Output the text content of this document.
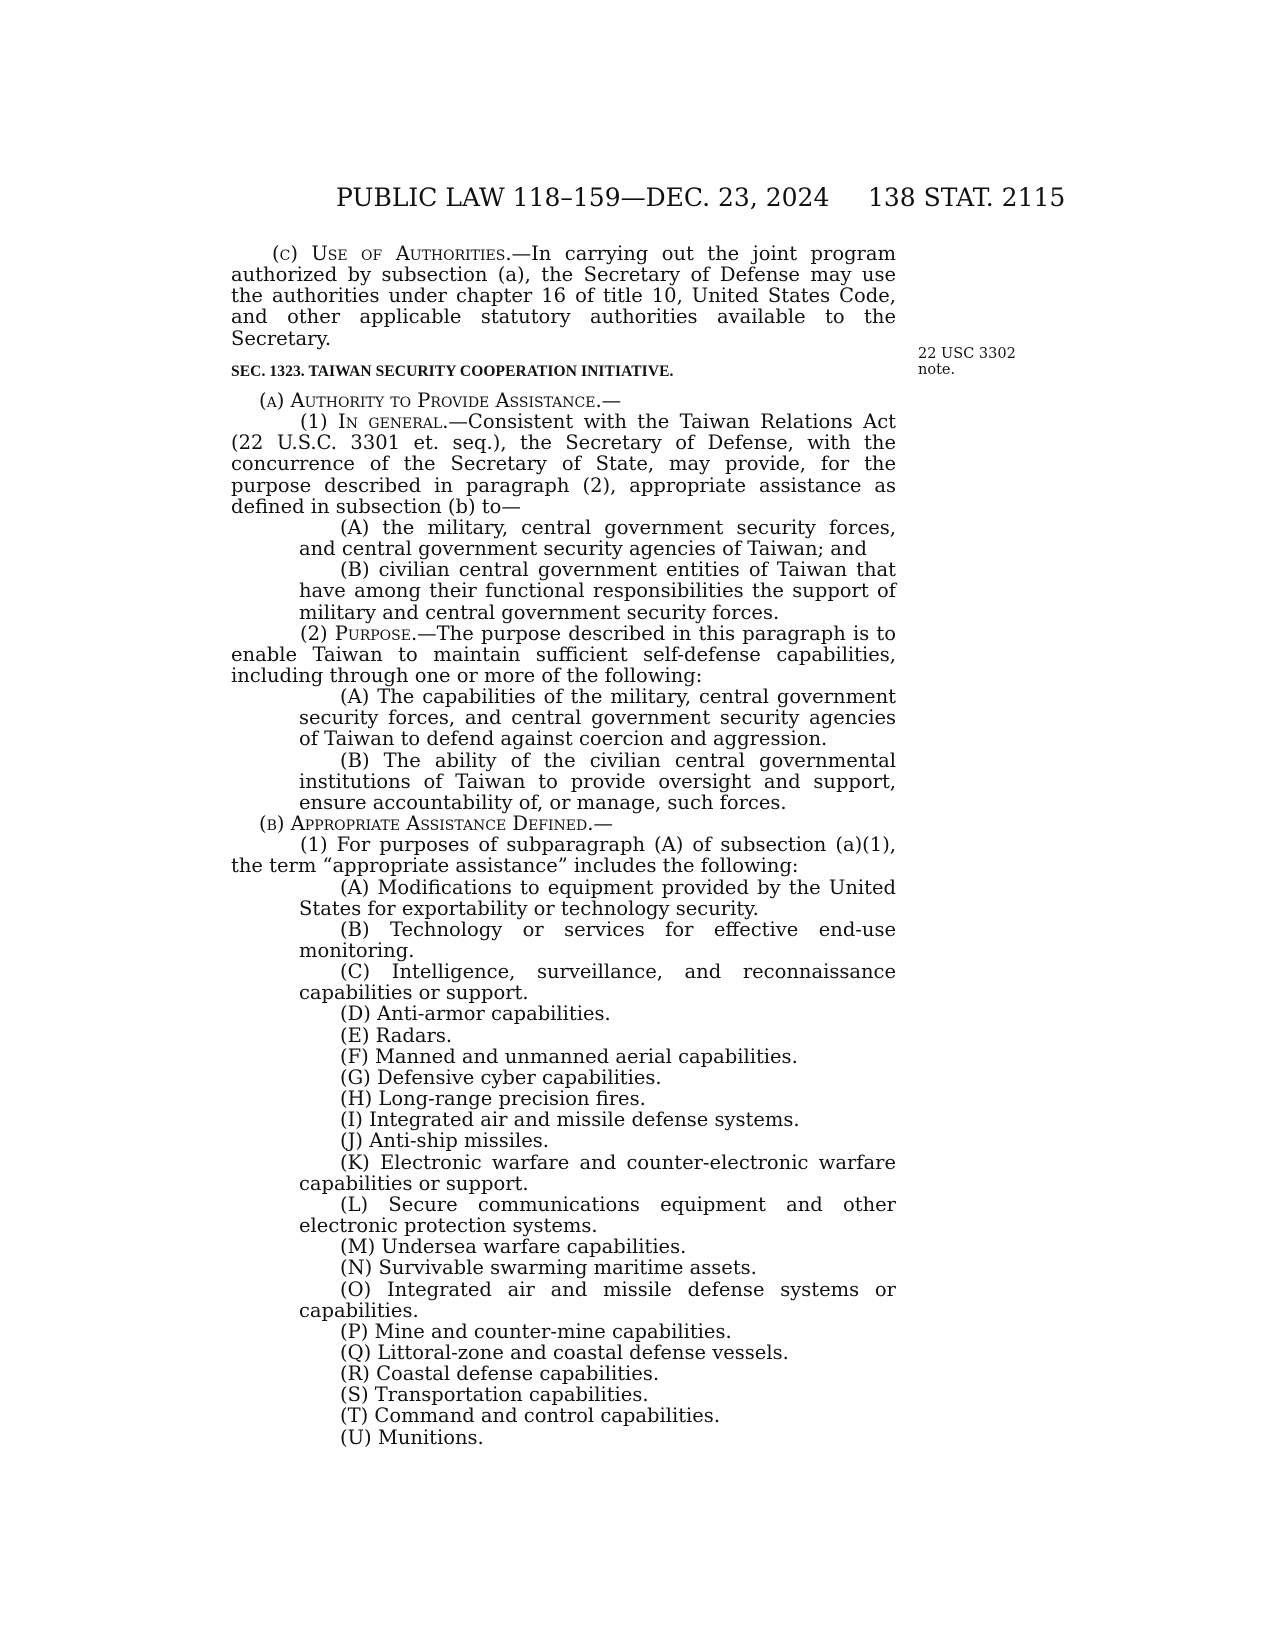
PUBLIC LAW 118–159—DEC. 23, 2024 138 STAT. 2115
22 USC 3302
note.

(c) Use of Authorities.—In carrying out the joint program authorized by subsection (a), the Secretary of Defense may use the authorities under chapter 16 of title 10, United States Code, and other applicable statutory authorities available to the Secretary.

SEC. 1323. TAIWAN SECURITY COOPERATION INITIATIVE.

(a) Authority to Provide Assistance.—

(1) In general.—Consistent with the Taiwan Relations Act (22 U.S.C. 3301 et. seq.), the Secretary of Defense, with the concurrence of the Secretary of State, may provide, for the purpose described in paragraph (2), appropriate assistance as defined in subsection (b) to—

(A) the military, central government security forces, and central government security agencies of Taiwan; and

(B) civilian central government entities of Taiwan that have among their functional responsibilities the support of military and central government security forces.

(2) Purpose.—The purpose described in this paragraph is to enable Taiwan to maintain sufficient self-defense capabilities, including through one or more of the following:

(A) The capabilities of the military, central government security forces, and central government security agencies of Taiwan to defend against coercion and aggression.

(B) The ability of the civilian central governmental institutions of Taiwan to provide oversight and support, ensure accountability of, or manage, such forces.

(b) Appropriate Assistance Defined.—

(1) For purposes of subparagraph (A) of subsection (a)(1), the term “appropriate assistance” includes the following:

(A) Modifications to equipment provided by the United States for exportability or technology security.

(B) Technology or services for effective end-use monitoring.

(C) Intelligence, surveillance, and reconnaissance capabilities or support.

(D) Anti-armor capabilities.

(E) Radars.

(F) Manned and unmanned aerial capabilities.

(G) Defensive cyber capabilities.

(H) Long-range precision fires.

(I) Integrated air and missile defense systems.

(J) Anti-ship missiles.

(K) Electronic warfare and counter-electronic warfare capabilities or support.

(L) Secure communications equipment and other electronic protection systems.

(M) Undersea warfare capabilities.

(N) Survivable swarming maritime assets.

(O) Integrated air and missile defense systems or capabilities.

(P) Mine and counter-mine capabilities.

(Q) Littoral-zone and coastal defense vessels.

(R) Coastal defense capabilities.

(S) Transportation capabilities.

(T) Command and control capabilities.

(U) Munitions.
